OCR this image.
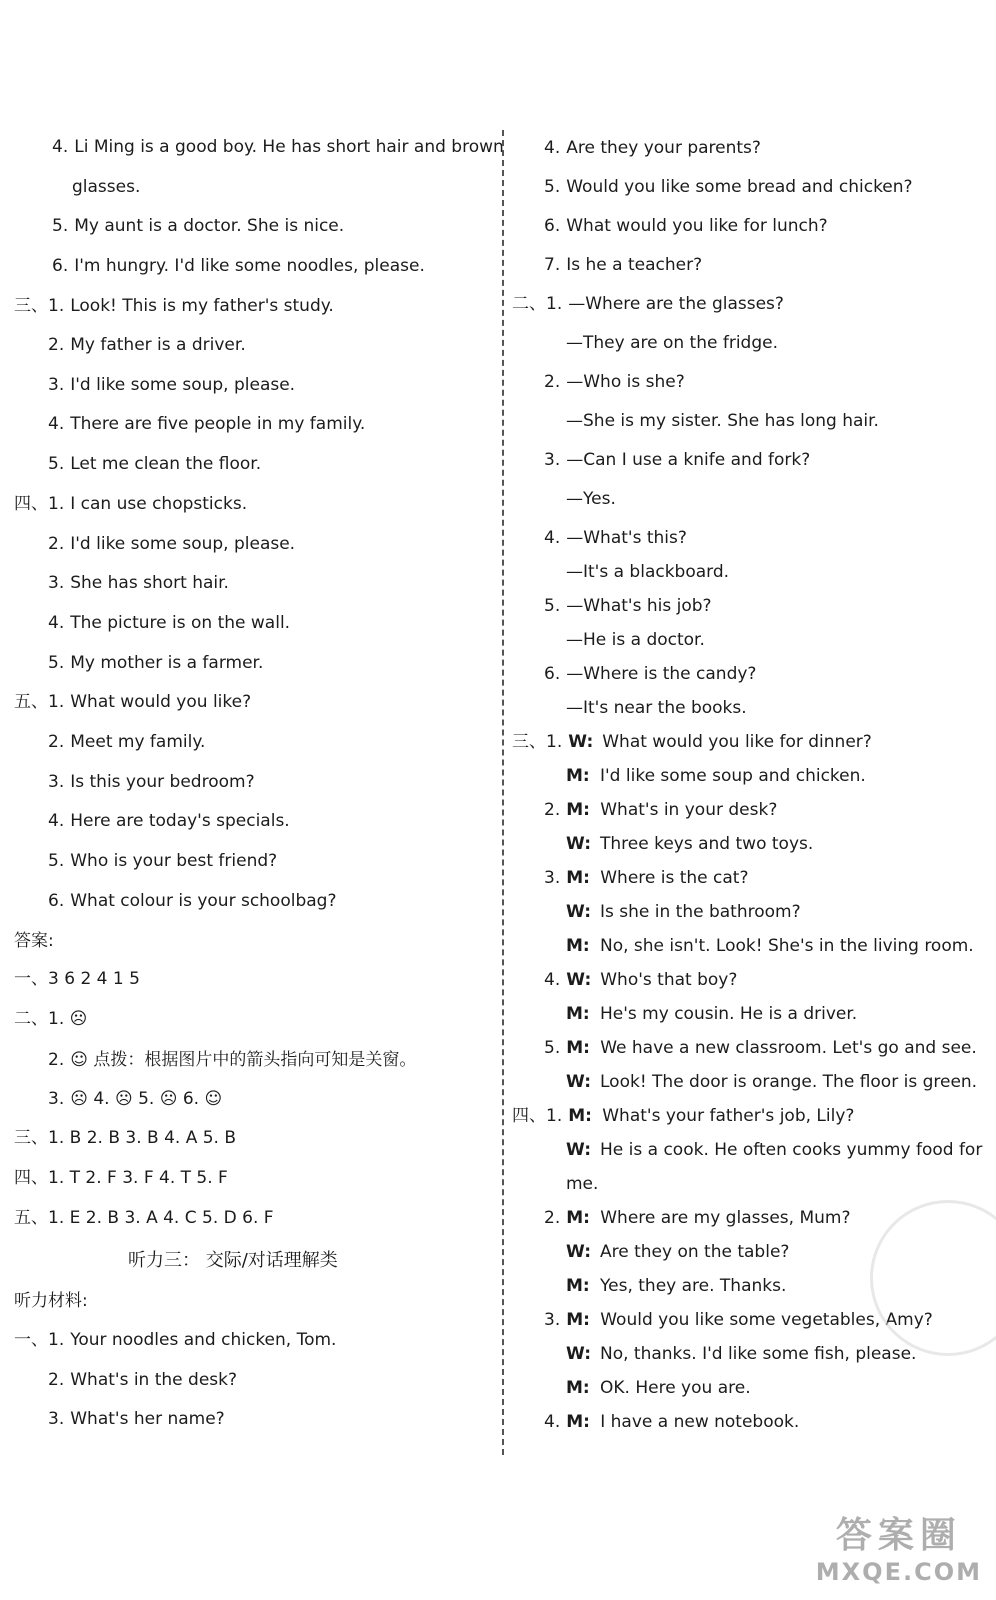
4. Li Ming is a good boy. He has short hair and brown
glasses.
5. My aunt is a doctor. She is nice.
6. I'm hungry. I'd like some noodles, please.
三、1. Look! This is my father's study.
2. My father is a driver.
3. I'd like some soup, please.
4. There are five people in my family.
5. Let me clean the floor.
四、1. I can use chopsticks.
2. I'd like some soup, please.
3. She has short hair.
4. The picture is on the wall.
5. My mother is a farmer.
五、1. What would you like?
2. Meet my family.
3. Is this your bedroom?
4. Here are today's specials.
5. Who is your best friend?
6. What colour is your schoolbag?
答案:
一、3 6 2 4 1 5
二、1. ☹
2. ☺ 点拨：根据图片中的箭头指向可知是关窗。
3. ☹ 4. ☹ 5. ☹ 6. ☺
三、1. B 2. B 3. B 4. A 5. B
四、1. T 2. F 3. F 4. T 5. F
五、1. E 2. B 3. A 4. C 5. D 6. F
听力三： 交际/对话理解类
听力材料:
一、1. Your noodles and chicken, Tom.
2. What's in the desk?
3. What's her name?
4. Are they your parents?
5. Would you like some bread and chicken?
6. What would you like for lunch?
7. Is he a teacher?
二、1. —Where are the glasses?
—They are on the fridge.
2. —Who is she?
—She is my sister. She has long hair.
3. —Can I use a knife and fork?
—Yes.
4. —What's this?
—It's a blackboard.
5. —What's his job?
—He is a doctor.
6. —Where is the candy?
—It's near the books.
三、1. W: What would you like for dinner?
M: I'd like some soup and chicken.
2. M: What's in your desk?
W: Three keys and two toys.
3. M: Where is the cat?
W: Is she in the bathroom?
M: No, she isn't. Look! She's in the living room.
4. W: Who's that boy?
M: He's my cousin. He is a driver.
5. M: We have a new classroom. Let's go and see.
W: Look! The door is orange. The floor is green.
四、1. M: What's your father's job, Lily?
W: He is a cook. He often cooks yummy food for
me.
2. M: Where are my glasses, Mum?
W: Are they on the table?
M: Yes, they are. Thanks.
3. M: Would you like some vegetables, Amy?
W: No, thanks. I'd like some fish, please.
M: OK. Here you are.
4. M: I have a new notebook.
答案圈
MXQE.COM
